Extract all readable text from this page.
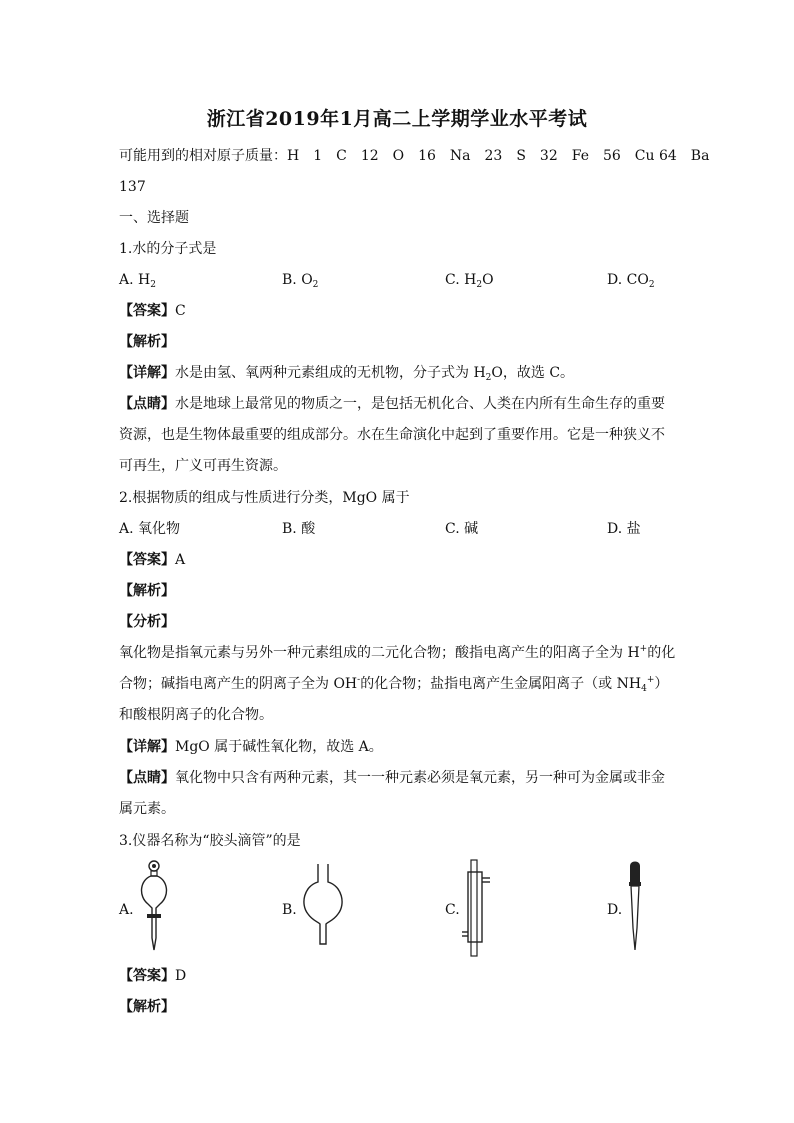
浙江省2019年1月高二上学期学业水平考试
可能用到的相对原子质量：H　1　C　12　O　16　Na　23　S　32　Fe　56　Cu 64　Ba
137
一、选择题
1.水的分子式是
A. $H_2$	B. $O_2$	C. $H_2O$	D. $CO_2$
【答案】C
【解析】
【详解】水是由氢、氧两种元素组成的无机物，分子式为 $H_2O$，故选 C。
【点睛】水是地球上最常见的物质之一，是包括无机化合、人类在内所有生命生存的重要资源，也是生物体最重要的组成部分。水在生命演化中起到了重要作用。它是一种狭义不可再生，广义可再生资源。
2.根据物质的组成与性质进行分类，MgO 属于
A. 氧化物	B. 酸	C. 碱	D. 盐
【答案】A
【解析】
【分析】
氧化物是指氧元素与另外一种元素组成的二元化合物；酸指电离产生的阳离子全为 H+的化合物；碱指电离产生的阴离子全为 OH-的化合物；盐指电离产生金属阳离子（或 $NH_4^+$）和酸根阴离子的化合物。
【详解】MgO 属于碱性氧化物，故选 A。
【点睛】氧化物中只含有两种元素，其一一种元素必须是氧元素，另一种可为金属或非金属元素。
3.仪器名称为“胶头滴管”的是
A.	B.	C.	D.
【答案】D
【解析】
